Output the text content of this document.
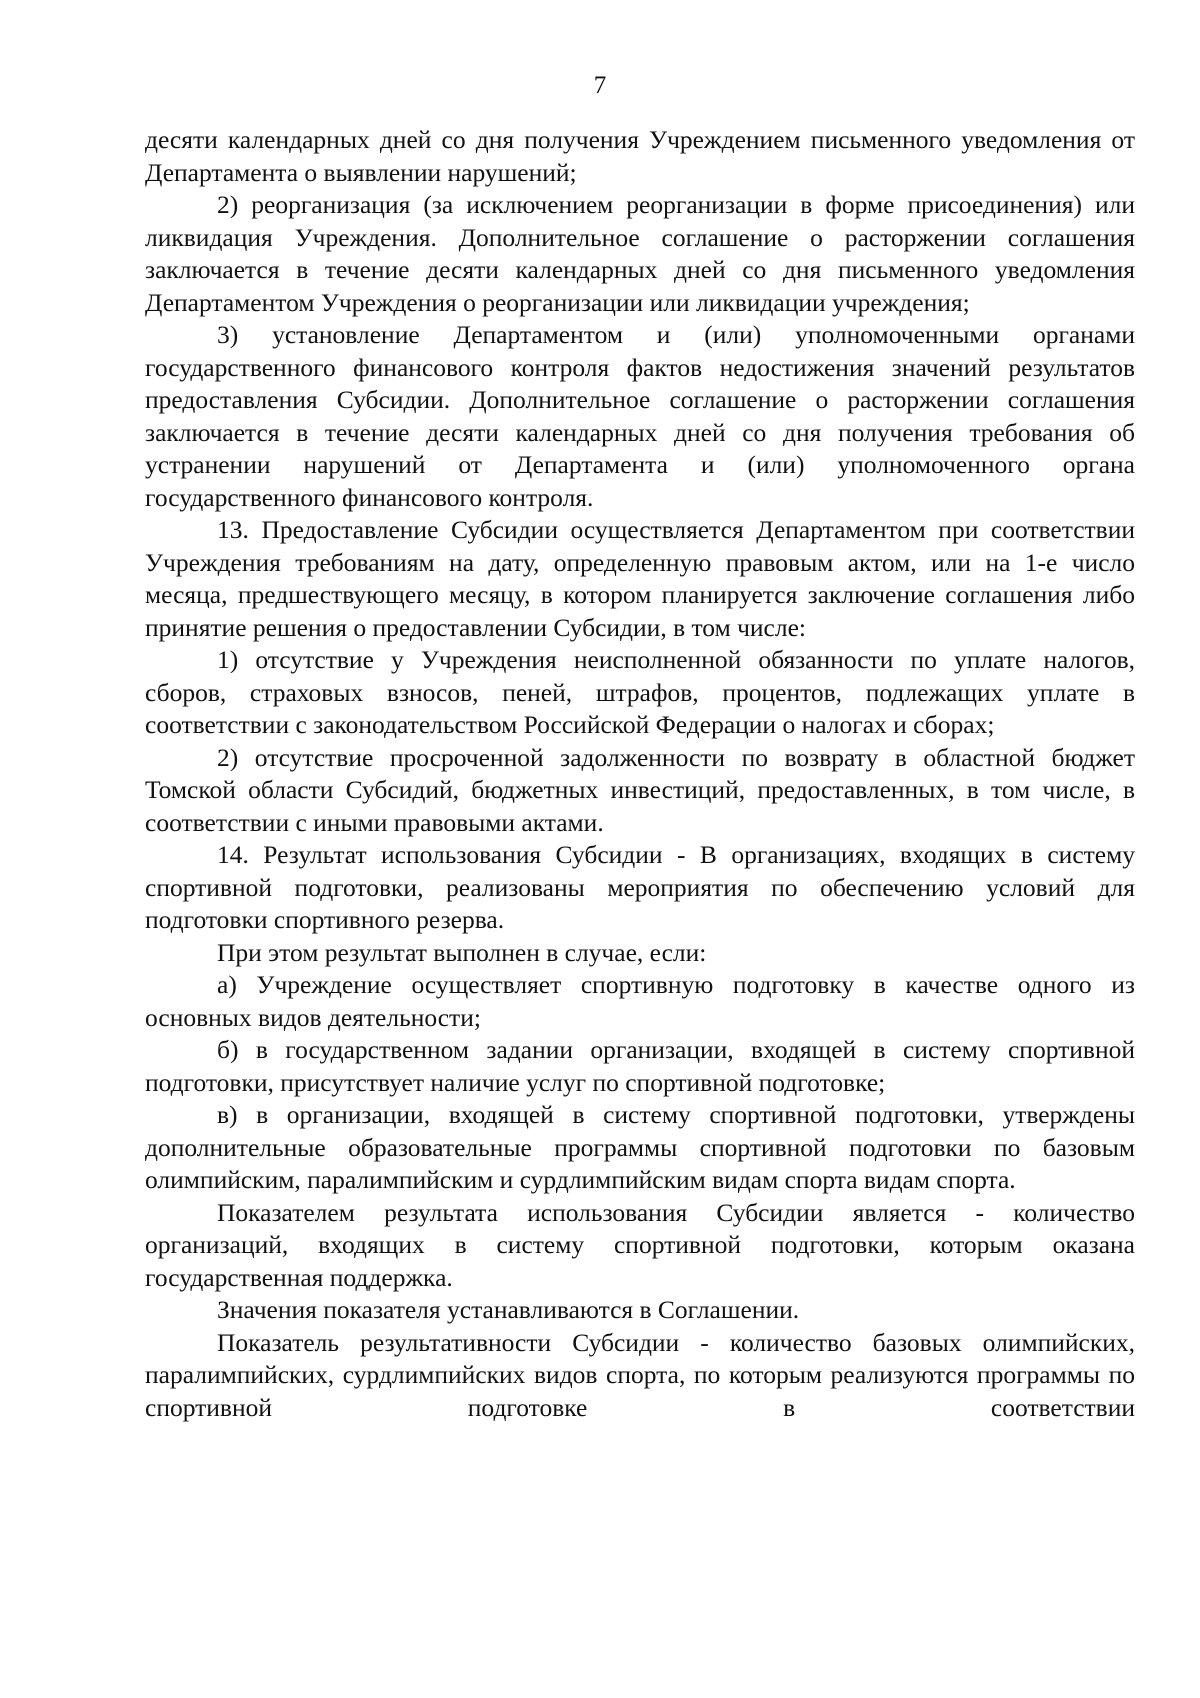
7

десяти календарных дней со дня получения Учреждением письменного уведомления от Департамента о выявлении нарушений;

2) реорганизация (за исключением реорганизации в форме присоединения) или ликвидация Учреждения. Дополнительное соглашение о расторжении соглашения заключается в течение десяти календарных дней со дня письменного уведомления Департаментом Учреждения о реорганизации или ликвидации учреждения;

3) установление Департаментом и (или) уполномоченными органами государственного финансового контроля фактов недостижения значений результатов предоставления Субсидии. Дополнительное соглашение о расторжении соглашения заключается в течение десяти календарных дней со дня получения требования об устранении нарушений от Департамента и (или) уполномоченного органа государственного финансового контроля.

13. Предоставление Субсидии осуществляется Департаментом при соответствии Учреждения требованиям на дату, определенную правовым актом, или на 1-е число месяца, предшествующего месяцу, в котором планируется заключение соглашения либо принятие решения о предоставлении Субсидии, в том числе:

1) отсутствие у Учреждения неисполненной обязанности по уплате налогов, сборов, страховых взносов, пеней, штрафов, процентов, подлежащих уплате в соответствии с законодательством Российской Федерации о налогах и сборах;

2) отсутствие просроченной задолженности по возврату в областной бюджет Томской области Субсидий, бюджетных инвестиций, предоставленных, в том числе, в соответствии с иными правовыми актами.

14. Результат использования Субсидии - В организациях, входящих в систему спортивной подготовки, реализованы мероприятия по обеспечению условий для подготовки спортивного резерва.

При этом результат выполнен в случае, если:

а) Учреждение осуществляет спортивную подготовку в качестве одного из основных видов деятельности;

б) в государственном задании организации, входящей в систему спортивной подготовки, присутствует наличие услуг по спортивной подготовке;

в) в организации, входящей в систему спортивной подготовки, утверждены дополнительные образовательные программы спортивной подготовки по базовым олимпийским, паралимпийским и сурдлимпийским видам спорта видам спорта.

Показателем результата использования Субсидии является - количество организаций, входящих в систему спортивной подготовки, которым оказана государственная поддержка.

Значения показателя устанавливаются в Соглашении.

Показатель результативности Субсидии - количество базовых олимпийских, паралимпийских, сурдлимпийских видов спорта, по которым реализуются программы по спортивной подготовке в соответствии
